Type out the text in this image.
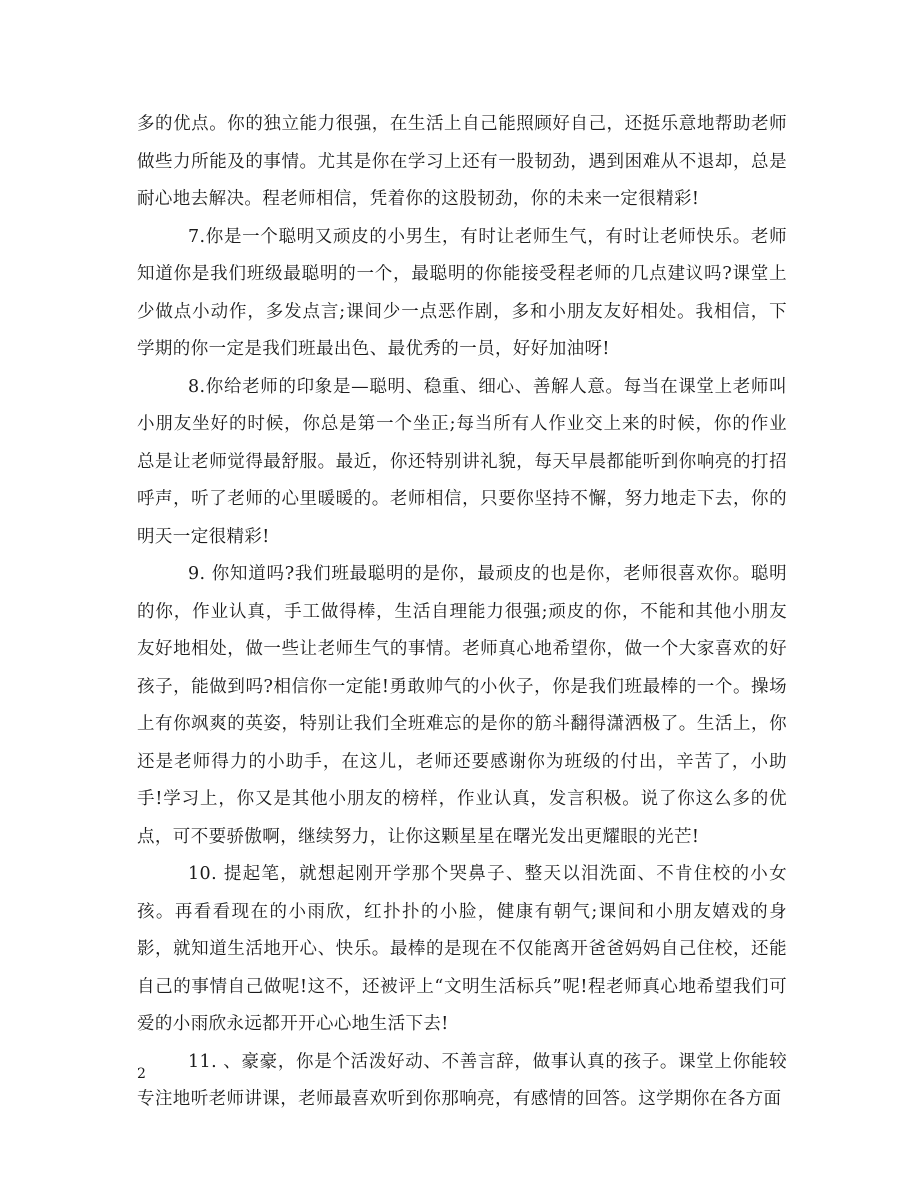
多的优点。你的独立能力很强，在生活上自己能照顾好自己，还挺乐意地帮助老师做些力所能及的事情。尤其是你在学习上还有一股韧劲，遇到困难从不退却，总是耐心地去解决。程老师相信，凭着你的这股韧劲，你的未来一定很精彩!

7.你是一个聪明又顽皮的小男生，有时让老师生气，有时让老师快乐。老师知道你是我们班级最聪明的一个，最聪明的你能接受程老师的几点建议吗?课堂上少做点小动作，多发点言;课间少一点恶作剧，多和小朋友友好相处。我相信，下学期的你一定是我们班最出色、最优秀的一员，好好加油呀!

8.你给老师的印象是—聪明、稳重、细心、善解人意。每当在课堂上老师叫小朋友坐好的时候，你总是第一个坐正;每当所有人作业交上来的时候，你的作业总是让老师觉得最舒服。最近，你还特别讲礼貌，每天早晨都能听到你响亮的打招呼声，听了老师的心里暖暖的。老师相信，只要你坚持不懈，努力地走下去，你的明天一定很精彩!

9. 你知道吗?我们班最聪明的是你，最顽皮的也是你，老师很喜欢你。聪明的你，作业认真，手工做得棒，生活自理能力很强;顽皮的你，不能和其他小朋友友好地相处，做一些让老师生气的事情。老师真心地希望你，做一个大家喜欢的好孩子，能做到吗?相信你一定能!勇敢帅气的小伙子，你是我们班最棒的一个。操场上有你飒爽的英姿，特别让我们全班难忘的是你的筋斗翻得潇洒极了。生活上，你还是老师得力的小助手，在这儿，老师还要感谢你为班级的付出，辛苦了，小助手!学习上，你又是其他小朋友的榜样，作业认真，发言积极。说了你这么多的优点，可不要骄傲啊，继续努力，让你这颗星星在曙光发出更耀眼的光芒!

10. 提起笔，就想起刚开学那个哭鼻子、整天以泪洗面、不肯住校的小女孩。再看看现在的小雨欣，红扑扑的小脸，健康有朝气;课间和小朋友嬉戏的身影，就知道生活地开心、快乐。最棒的是现在不仅能离开爸爸妈妈自己住校，还能自己的事情自己做呢!这不，还被评上“文明生活标兵”呢!程老师真心地希望我们可爱的小雨欣永远都开开心心地生活下去!

11. 、豪豪，你是个活泼好动、不善言辞，做事认真的孩子。课堂上你能较专注地听老师讲课，老师最喜欢听到你那响亮，有感情的回答。这学期你在各方面

2
